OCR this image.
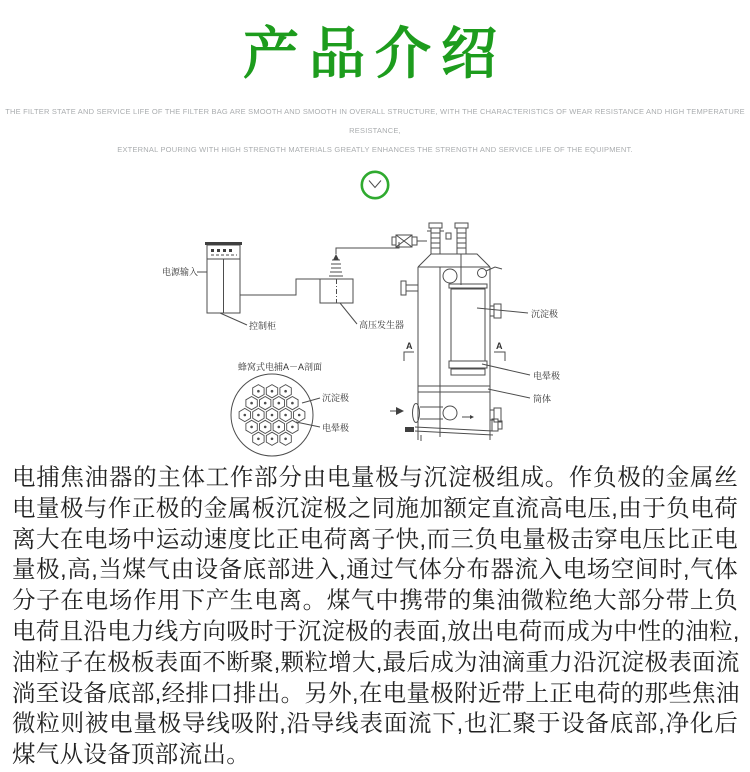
产品介绍
THE FILTER STATE AND SERVICE LIFE OF THE FILTER BAG ARE SMOOTH AND SMOOTH IN OVERALL STRUCTURE, WITH THE CHARACTERISTICS OF WEAR RESISTANCE AND HIGH TEMPERATURE RESISTANCE,
EXTERNAL POURING WITH HIGH STRENGTH MATERIALS GREATLY ENHANCES THE STRENGTH AND SERVICE LIFE OF THE EQUIPMENT.
电源输入
控制柜	高压发生器
A	A
沉淀极
电晕极
筒体
蜂窝式电捕A－A剖面
沉淀极
电晕极
电捕焦油器的主体工作部分由电量极与沉淀极组成。作负极的金属丝
电量极与作正极的金属板沉淀极之同施加额定直流高电压,由于负电荷
离大在电场中运动速度比正电荷离子快,而三负电量极击穿电压比正电
量极,高,当煤气由设备底部进入,通过气体分布器流入电场空间时,气体
分子在电场作用下产生电离。煤气中携带的集油微粒绝大部分带上负
电荷且沿电力线方向吸时于沉淀极的表面,放出电荷而成为中性的油粒,
油粒子在极板表面不断聚,颗粒增大,最后成为油滴重力沿沉淀极表面流
淌至设备底部,经排口排出。另外,在电量极附近带上正电荷的那些焦油
微粒则被电量极导线吸附,沿导线表面流下,也汇聚于设备底部,净化后
煤气从设备顶部流出。
